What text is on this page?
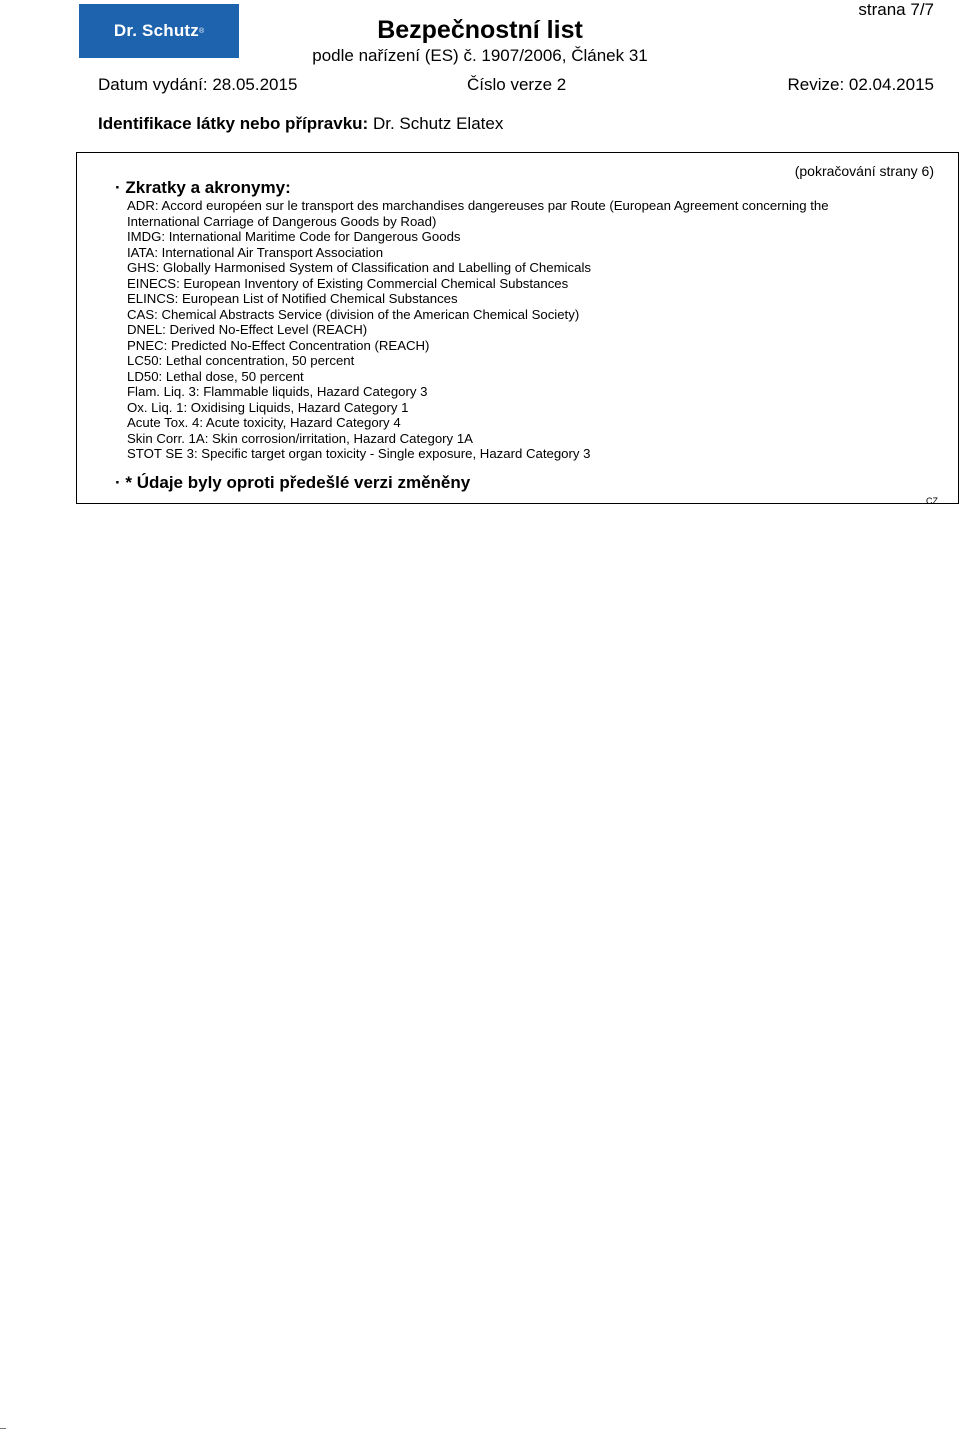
Dr. Schutz ®
strana 7/7
Bezpečnostní list
podle nařízení (ES) č. 1907/2006, Článek 31
Datum vydání: 28.05.2015	Číslo verze 2	Revize: 02.04.2015
Identifikace látky nebo přípravku: Dr. Schutz Elatex
(pokračování strany 6)
· Zkratky a akronymy:
ADR: Accord européen sur le transport des marchandises dangereuses par Route (European Agreement concerning the
International Carriage of Dangerous Goods by Road)
IMDG: International Maritime Code for Dangerous Goods
IATA: International Air Transport Association
GHS: Globally Harmonised System of Classification and Labelling of Chemicals
EINECS: European Inventory of Existing Commercial Chemical Substances
ELINCS: European List of Notified Chemical Substances
CAS: Chemical Abstracts Service (division of the American Chemical Society)
DNEL: Derived No-Effect Level (REACH)
PNEC: Predicted No-Effect Concentration (REACH)
LC50: Lethal concentration, 50 percent
LD50: Lethal dose, 50 percent
Flam. Liq. 3: Flammable liquids, Hazard Category 3
Ox. Liq. 1: Oxidising Liquids, Hazard Category 1
Acute Tox. 4: Acute toxicity, Hazard Category 4
Skin Corr. 1A: Skin corrosion/irritation, Hazard Category 1A
STOT SE 3: Specific target organ toxicity - Single exposure, Hazard Category 3
· * Údaje byly oproti předešlé verzi změněny
CZ
